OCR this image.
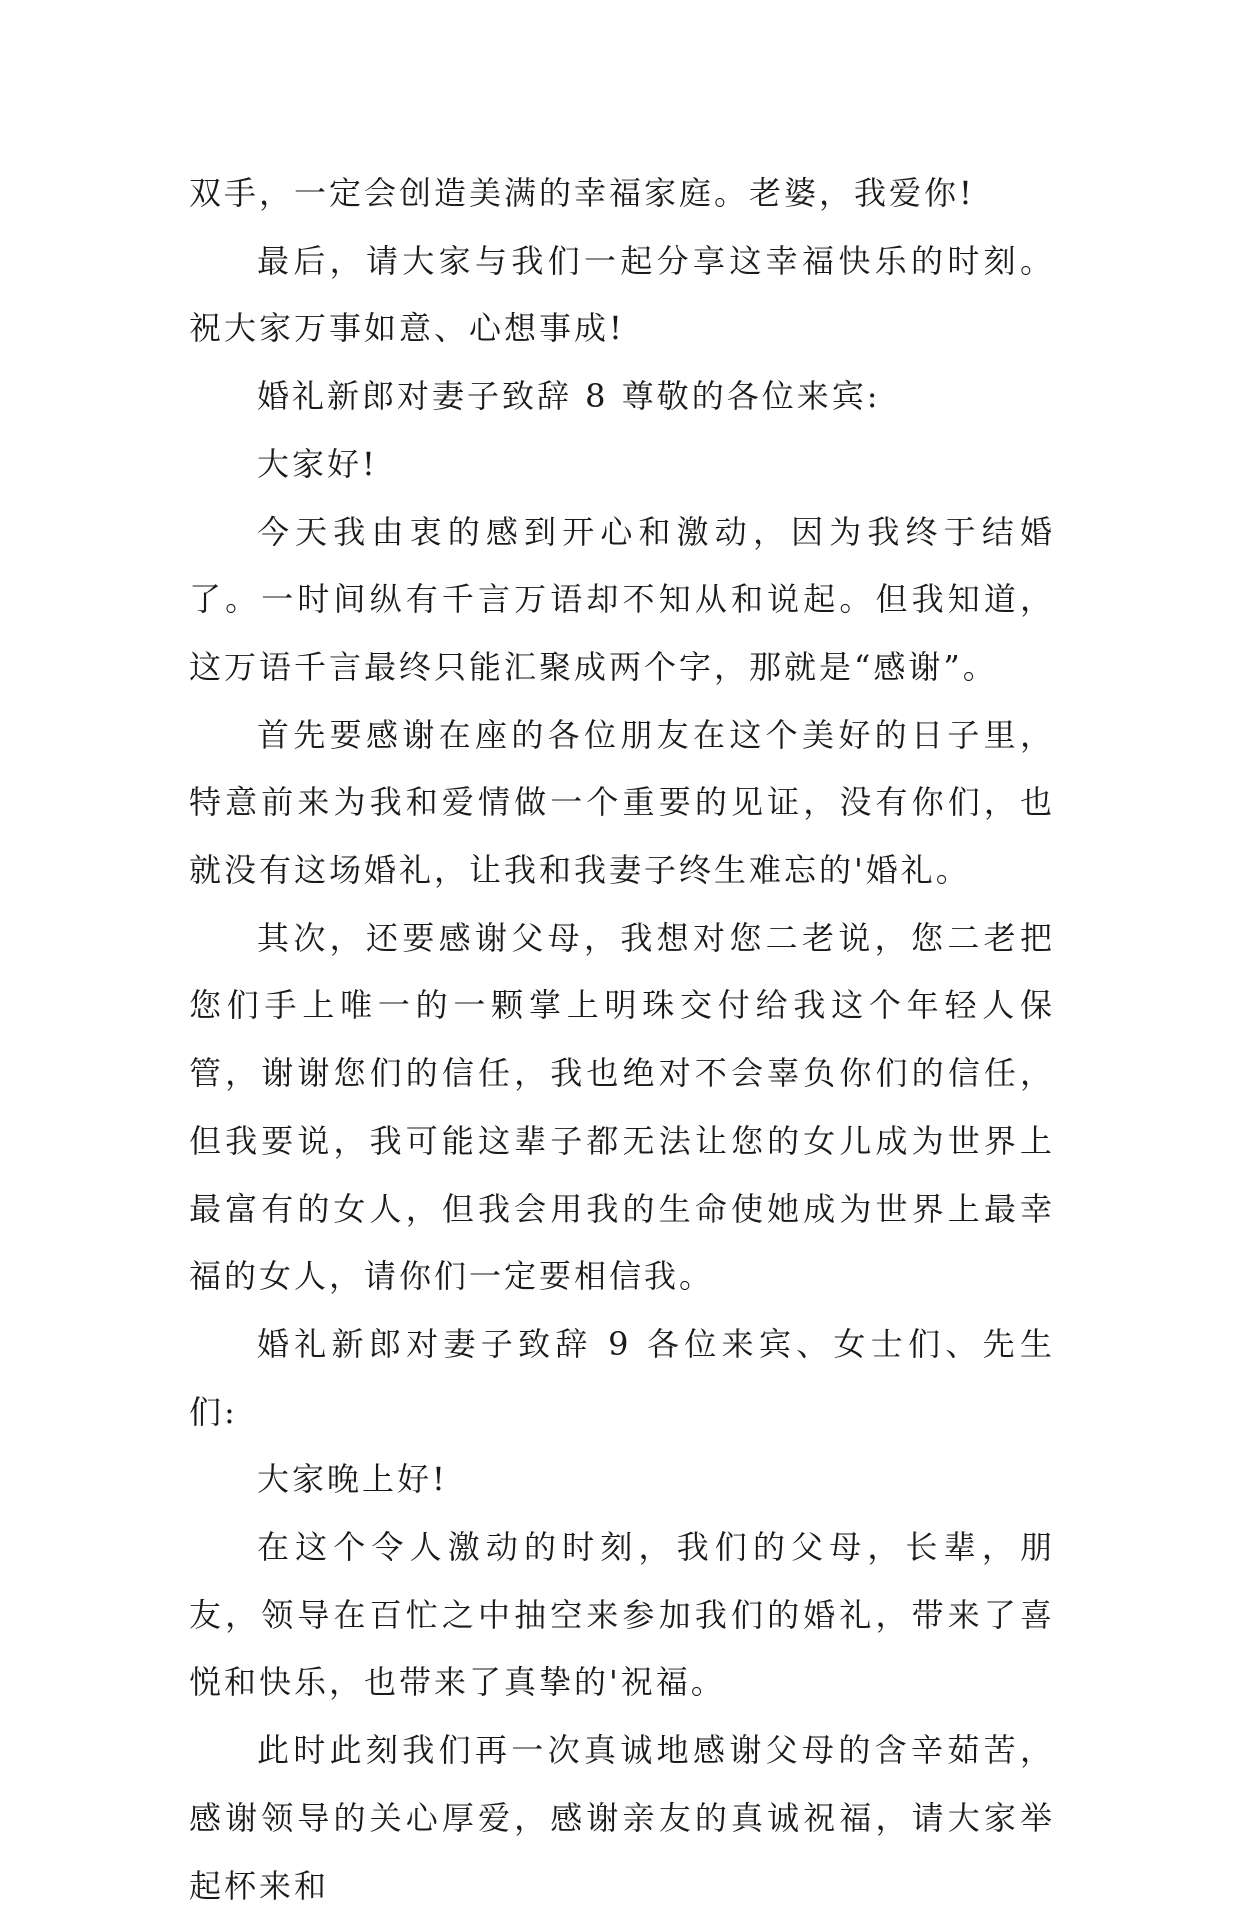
双手，一定会创造美满的幸福家庭。老婆，我爱你!

最后，请大家与我们一起分享这幸福快乐的时刻。祝大家万事如意、心想事成!

婚礼新郎对妻子致辞 8 尊敬的各位来宾:

大家好!

今天我由衷的感到开心和激动，因为我终于结婚了。一时间纵有千言万语却不知从和说起。但我知道，这万语千言最终只能汇聚成两个字，那就是“感谢”。

首先要感谢在座的各位朋友在这个美好的日子里，特意前来为我和爱情做一个重要的见证，没有你们，也就没有这场婚礼，让我和我妻子终生难忘的'婚礼。

其次，还要感谢父母，我想对您二老说，您二老把您们手上唯一的一颗掌上明珠交付给我这个年轻人保管，谢谢您们的信任，我也绝对不会辜负你们的信任，但我要说，我可能这辈子都无法让您的女儿成为世界上最富有的女人，但我会用我的生命使她成为世界上最幸福的女人，请你们一定要相信我。

婚礼新郎对妻子致辞 9 各位来宾、女士们、先生们:

大家晚上好!

在这个令人激动的时刻，我们的父母，长辈，朋友，领导在百忙之中抽空来参加我们的婚礼，带来了喜悦和快乐，也带来了真挚的'祝福。

此时此刻我们再一次真诚地感谢父母的含辛茹苦，感谢领导的关心厚爱，感谢亲友的真诚祝福，请大家举起杯来和
